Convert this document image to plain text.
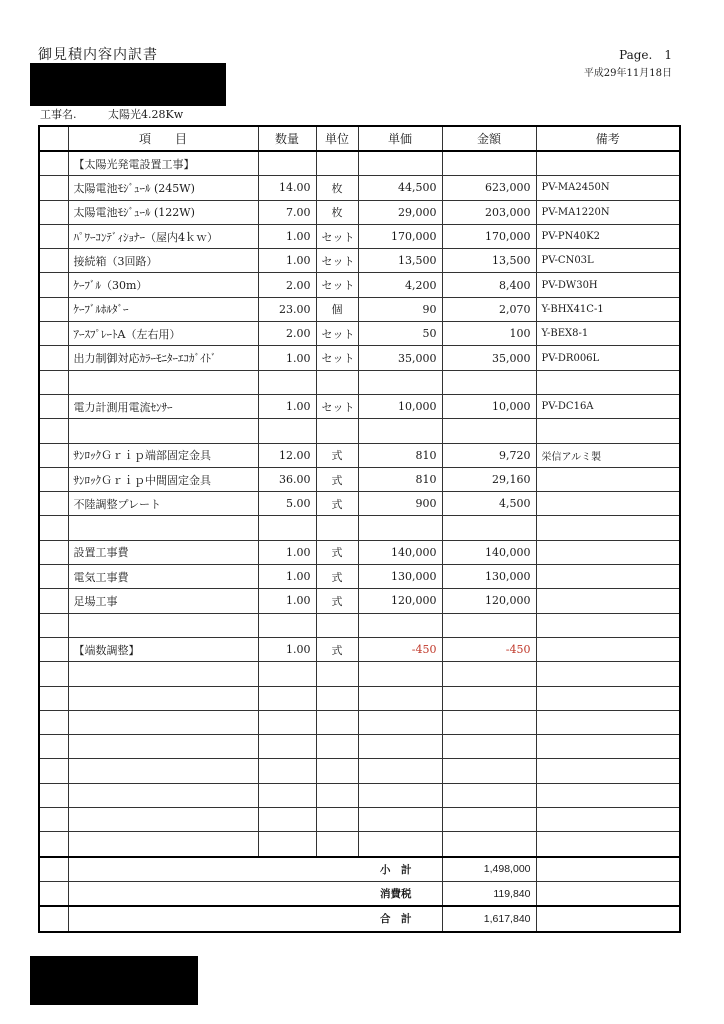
御見積内容内訳書	Page.　1
平成29年11月18日
工事名.	太陽光4.28Kw
	項　　目	数量	単位	単価	金額	備考
	【太陽光発電設置工事】					
	太陽電池ﾓｼﾞｭｰﾙ (245W)	14.00	枚	44,500	623,000	PV-MA2450N
	太陽電池ﾓｼﾞｭｰﾙ (122W)	7.00	枚	29,000	203,000	PV-MA1220N
	ﾊﾟﾜｰｺﾝﾃﾞｨｼｮﾅｰ（屋内4ｋｗ）	1.00	セット	170,000	170,000	PV-PN40K2
	接続箱（3回路）	1.00	セット	13,500	13,500	PV-CN03L
	ｹｰﾌﾞﾙ（30m）	2.00	セット	4,200	8,400	PV-DW30H
	ｹｰﾌﾞﾙﾎﾙﾀﾞｰ	23.00	個	90	2,070	Y-BHX41C-1
	ｱｰｽﾌﾟﾚｰﾄA（左右用）	2.00	セット	50	100	Y-BEX8-1
	出力制御対応ｶﾗｰﾓﾆﾀｰｴｺｶﾞｲﾄﾞ	1.00	セット	35,000	35,000	PV-DR006L

	電力計測用電流ｾﾝｻｰ	1.00	セット	10,000	10,000	PV-DC16A

	ｻﾝﾛｯｸＧｒｉｐ端部固定金具	12.00	式	810	9,720	栄信アルミ製
	ｻﾝﾛｯｸＧｒｉｐ中間固定金具	36.00	式	810	29,160	
	不陸調整プレート	5.00	式	900	4,500	

	設置工事費	1.00	式	140,000	140,000	
	電気工事費	1.00	式	130,000	130,000	
	足場工事	1.00	式	120,000	120,000	

	【端数調整】	1.00	式	-450	-450	

	小　計				1,498,000	
	消費税				119,840	
	合　計				1,617,840	
